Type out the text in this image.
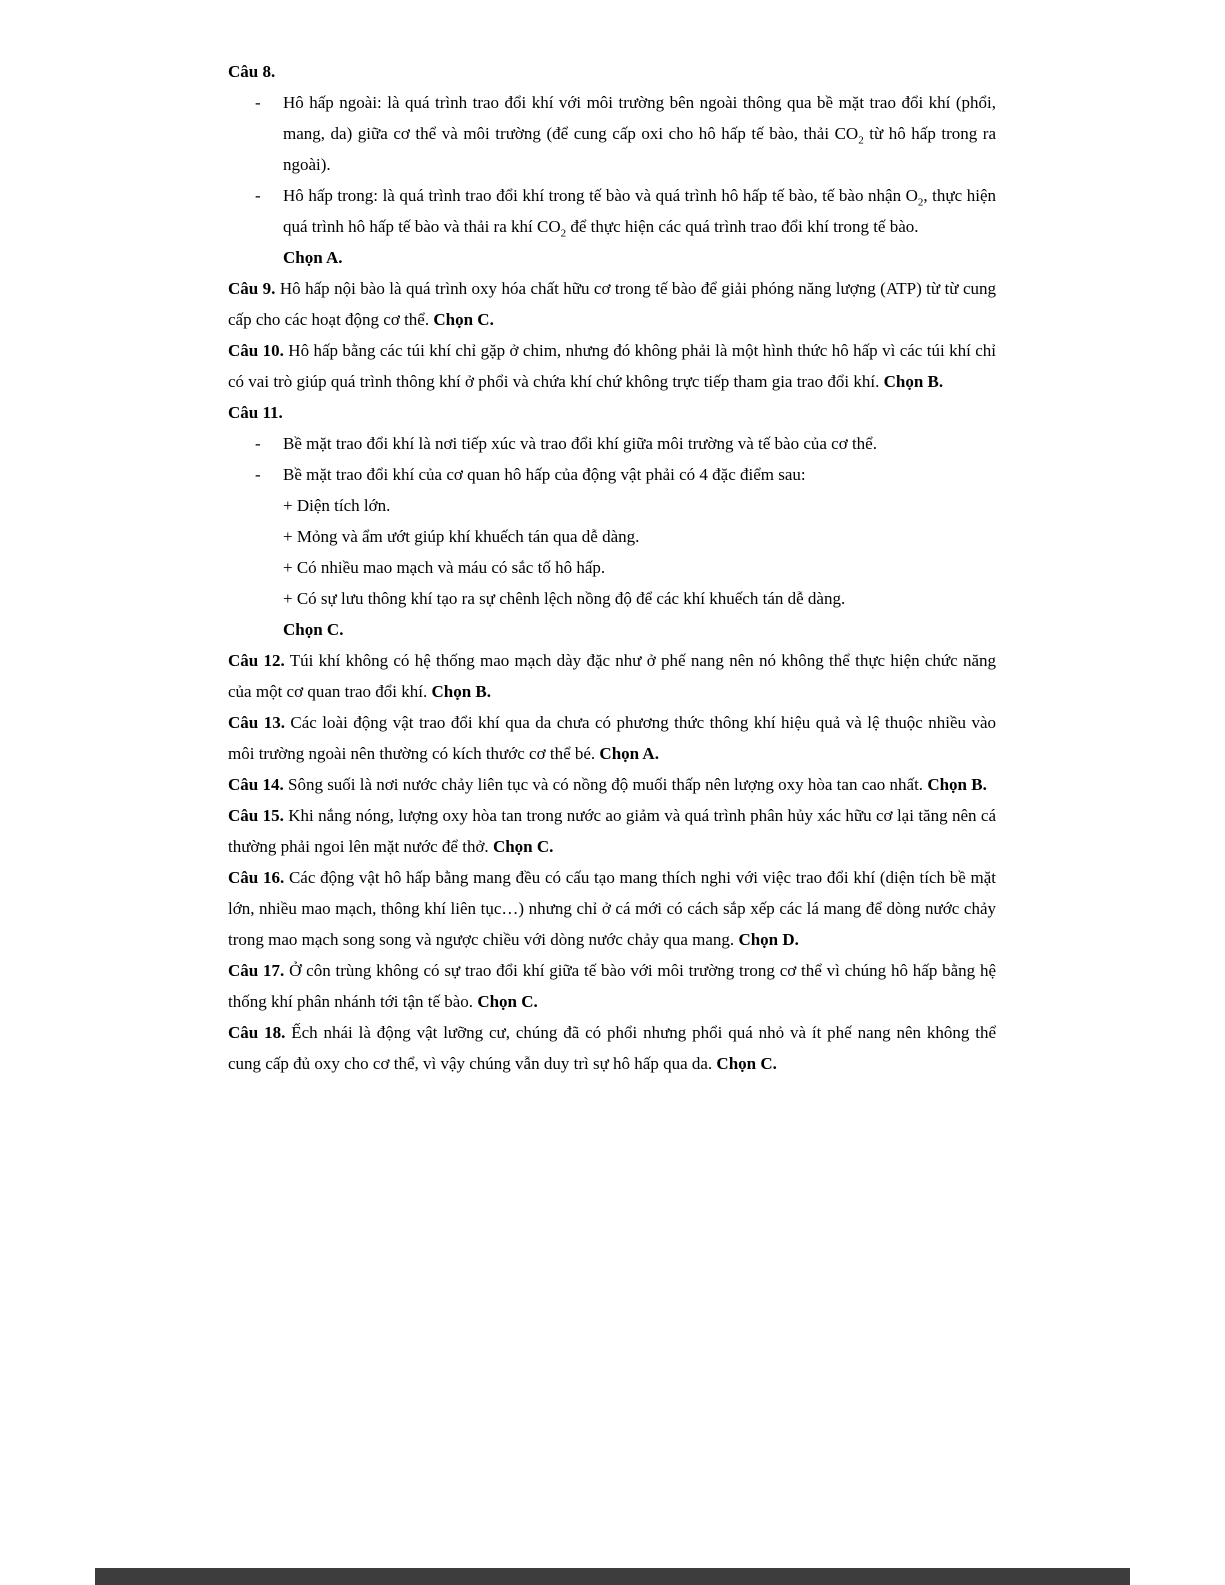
Câu 8.
- Hô hấp ngoài: là quá trình trao đổi khí với môi trường bên ngoài thông qua bề mặt trao đổi khí (phổi, mang, da) giữa cơ thể và môi trường (để cung cấp oxi cho hô hấp tế bào, thải $CO_2$ từ hô hấp trong ra ngoài).
- Hô hấp trong: là quá trình trao đổi khí trong tế bào và quá trình hô hấp tế bào, tế bào nhận $O_2$, thực hiện quá trình hô hấp tế bào và thải ra khí $CO_2$ để thực hiện các quá trình trao đổi khí trong tế bào.
Chọn A.
Câu 9. Hô hấp nội bào là quá trình oxy hóa chất hữu cơ trong tế bào để giải phóng năng lượng (ATP) từ từ cung cấp cho các hoạt động cơ thể. Chọn C.
Câu 10. Hô hấp bằng các túi khí chỉ gặp ở chim, nhưng đó không phải là một hình thức hô hấp vì các túi khí chỉ có vai trò giúp quá trình thông khí ở phổi và chứa khí chứ không trực tiếp tham gia trao đổi khí. Chọn B.
Câu 11.
- Bề mặt trao đổi khí là nơi tiếp xúc và trao đổi khí giữa môi trường và tế bào của cơ thể.
- Bề mặt trao đổi khí của cơ quan hô hấp của động vật phải có 4 đặc điểm sau:
+ Diện tích lớn.
+ Mỏng và ẩm ướt giúp khí khuếch tán qua dễ dàng.
+ Có nhiều mao mạch và máu có sắc tố hô hấp.
+ Có sự lưu thông khí tạo ra sự chênh lệch nồng độ để các khí khuếch tán dễ dàng.
Chọn C.
Câu 12. Túi khí không có hệ thống mao mạch dày đặc như ở phế nang nên nó không thể thực hiện chức năng của một cơ quan trao đổi khí. Chọn B.
Câu 13. Các loài động vật trao đổi khí qua da chưa có phương thức thông khí hiệu quả và lệ thuộc nhiều vào môi trường ngoài nên thường có kích thước cơ thể bé. Chọn A.
Câu 14. Sông suối là nơi nước chảy liên tục và có nồng độ muối thấp nên lượng oxy hòa tan cao nhất. Chọn B.
Câu 15. Khi nắng nóng, lượng oxy hòa tan trong nước ao giảm và quá trình phân hủy xác hữu cơ lại tăng nên cá thường phải ngoi lên mặt nước để thở. Chọn C.
Câu 16. Các động vật hô hấp bằng mang đều có cấu tạo mang thích nghi với việc trao đổi khí (diện tích bề mặt lớn, nhiều mao mạch, thông khí liên tục…) nhưng chỉ ở cá mới có cách sắp xếp các lá mang để dòng nước chảy trong mao mạch song song và ngược chiều với dòng nước chảy qua mang. Chọn D.
Câu 17. Ở côn trùng không có sự trao đổi khí giữa tế bào với môi trường trong cơ thể vì chúng hô hấp bằng hệ thống khí phân nhánh tới tận tế bào. Chọn C.
Câu 18. Ếch nhái là động vật lưỡng cư, chúng đã có phổi nhưng phổi quá nhỏ và ít phế nang nên không thể cung cấp đủ oxy cho cơ thể, vì vậy chúng vẫn duy trì sự hô hấp qua da. Chọn C.
